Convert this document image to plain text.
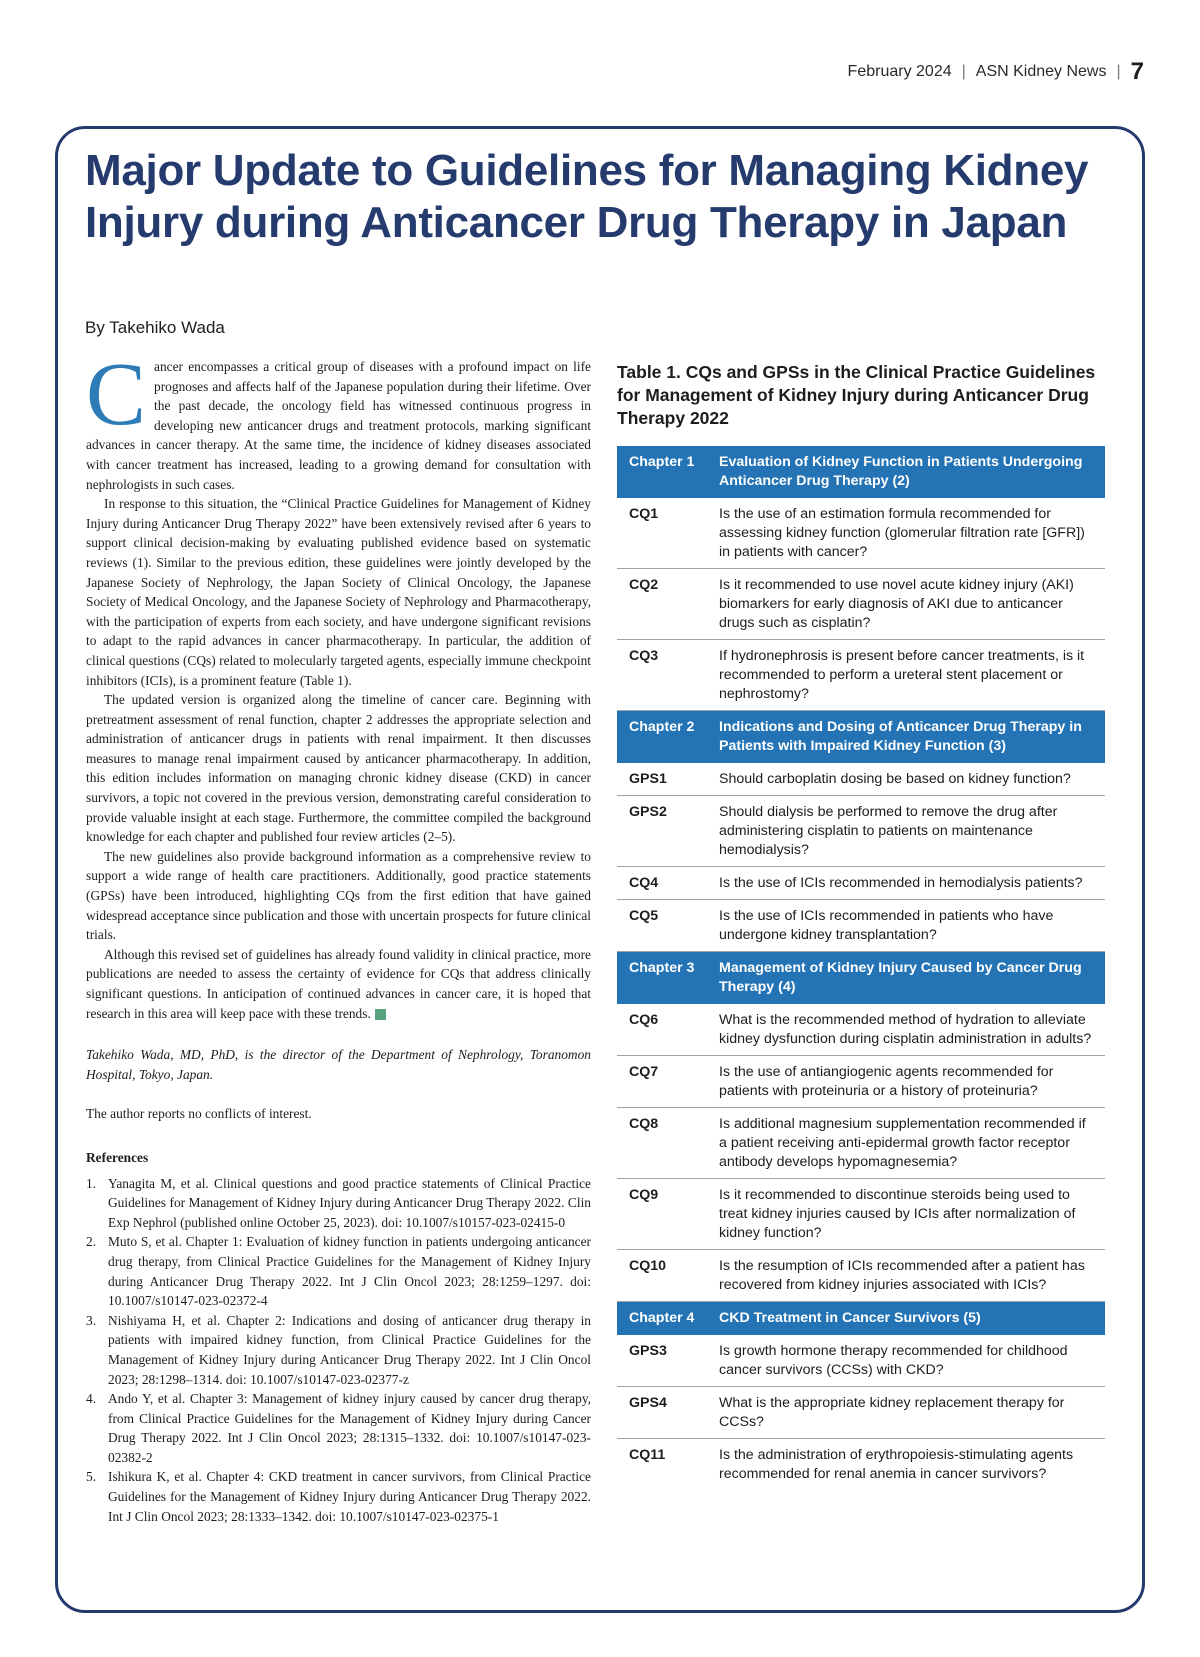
February 2024 | ASN Kidney News | 7
Major Update to Guidelines for Managing Kidney Injury during Anticancer Drug Therapy in Japan
By Takehiko Wada

Cancer encompasses a critical group of diseases with a profound impact on life prognoses and affects half of the Japanese population during their lifetime. Over the past decade, the oncology field has witnessed continuous progress in developing new anticancer drugs and treatment protocols, marking significant advances in cancer therapy. At the same time, the incidence of kidney diseases associated with cancer treatment has increased, leading to a growing demand for consultation with nephrologists in such cases.

In response to this situation, the “Clinical Practice Guidelines for Management of Kidney Injury during Anticancer Drug Therapy 2022” have been extensively revised after 6 years to support clinical decision-making by evaluating published evidence based on systematic reviews (1). Similar to the previous edition, these guidelines were jointly developed by the Japanese Society of Nephrology, the Japan Society of Clinical Oncology, the Japanese Society of Medical Oncology, and the Japanese Society of Nephrology and Pharmacotherapy, with the participation of experts from each society, and have undergone significant revisions to adapt to the rapid advances in cancer pharmacotherapy. In particular, the addition of clinical questions (CQs) related to molecularly targeted agents, especially immune checkpoint inhibitors (ICIs), is a prominent feature (Table 1).

The updated version is organized along the timeline of cancer care. Beginning with pretreatment assessment of renal function, chapter 2 addresses the appropriate selection and administration of anticancer drugs in patients with renal impairment. It then discusses measures to manage renal impairment caused by anticancer pharmacotherapy. In addition, this edition includes information on managing chronic kidney disease (CKD) in cancer survivors, a topic not covered in the previous version, demonstrating careful consideration to provide valuable insight at each stage. Furthermore, the committee compiled the background knowledge for each chapter and published four review articles (2–5).

The new guidelines also provide background information as a comprehensive review to support a wide range of health care practitioners. Additionally, good practice statements (GPSs) have been introduced, highlighting CQs from the first edition that have gained widespread acceptance since publication and those with uncertain prospects for future clinical trials.

Although this revised set of guidelines has already found validity in clinical practice, more publications are needed to assess the certainty of evidence for CQs that address clinically significant questions. In anticipation of continued advances in cancer care, it is hoped that research in this area will keep pace with these trends.

Takehiko Wada, MD, PhD, is the director of the Department of Nephrology, Toranomon Hospital, Tokyo, Japan.

The author reports no conflicts of interest.

References

1. Yanagita M, et al. Clinical questions and good practice statements of Clinical Practice Guidelines for Management of Kidney Injury during Anticancer Drug Therapy 2022. Clin Exp Nephrol (published online October 25, 2023). doi: 10.1007/s10157-023-02415-0
2. Muto S, et al. Chapter 1: Evaluation of kidney function in patients undergoing anticancer drug therapy, from Clinical Practice Guidelines for the Management of Kidney Injury during Anticancer Drug Therapy 2022. Int J Clin Oncol 2023; 28:1259–1297. doi: 10.1007/s10147-023-02372-4
3. Nishiyama H, et al. Chapter 2: Indications and dosing of anticancer drug therapy in patients with impaired kidney function, from Clinical Practice Guidelines for the Management of Kidney Injury during Anticancer Drug Therapy 2022. Int J Clin Oncol 2023; 28:1298–1314. doi: 10.1007/s10147-023-02377-z
4. Ando Y, et al. Chapter 3: Management of kidney injury caused by cancer drug therapy, from Clinical Practice Guidelines for the Management of Kidney Injury during Cancer Drug Therapy 2022. Int J Clin Oncol 2023; 28:1315–1332. doi: 10.1007/s10147-023-02382-2
5. Ishikura K, et al. Chapter 4: CKD treatment in cancer survivors, from Clinical Practice Guidelines for the Management of Kidney Injury during Anticancer Drug Therapy 2022. Int J Clin Oncol 2023; 28:1333–1342. doi: 10.1007/s10147-023-02375-1
Table 1. CQs and GPSs in the Clinical Practice Guidelines for Management of Kidney Injury during Anticancer Drug Therapy 2022
Chapter 1	Evaluation of Kidney Function in Patients Undergoing Anticancer Drug Therapy (2)
CQ1	Is the use of an estimation formula recommended for assessing kidney function (glomerular filtration rate [GFR]) in patients with cancer?
CQ2	Is it recommended to use novel acute kidney injury (AKI) biomarkers for early diagnosis of AKI due to anticancer drugs such as cisplatin?
CQ3	If hydronephrosis is present before cancer treatments, is it recommended to perform a ureteral stent placement or nephrostomy?
Chapter 2	Indications and Dosing of Anticancer Drug Therapy in Patients with Impaired Kidney Function (3)
GPS1	Should carboplatin dosing be based on kidney function?
GPS2	Should dialysis be performed to remove the drug after administering cisplatin to patients on maintenance hemodialysis?
CQ4	Is the use of ICIs recommended in hemodialysis patients?
CQ5	Is the use of ICIs recommended in patients who have undergone kidney transplantation?
Chapter 3	Management of Kidney Injury Caused by Cancer Drug Therapy (4)
CQ6	What is the recommended method of hydration to alleviate kidney dysfunction during cisplatin administration in adults?
CQ7	Is the use of antiangiogenic agents recommended for patients with proteinuria or a history of proteinuria?
CQ8	Is additional magnesium supplementation recommended if a patient receiving anti-epidermal growth factor receptor antibody develops hypomagnesemia?
CQ9	Is it recommended to discontinue steroids being used to treat kidney injuries caused by ICIs after normalization of kidney function?
CQ10	Is the resumption of ICIs recommended after a patient has recovered from kidney injuries associated with ICIs?
Chapter 4	CKD Treatment in Cancer Survivors (5)
GPS3	Is growth hormone therapy recommended for childhood cancer survivors (CCSs) with CKD?
GPS4	What is the appropriate kidney replacement therapy for CCSs?
CQ11	Is the administration of erythropoiesis-stimulating agents recommended for renal anemia in cancer survivors?
